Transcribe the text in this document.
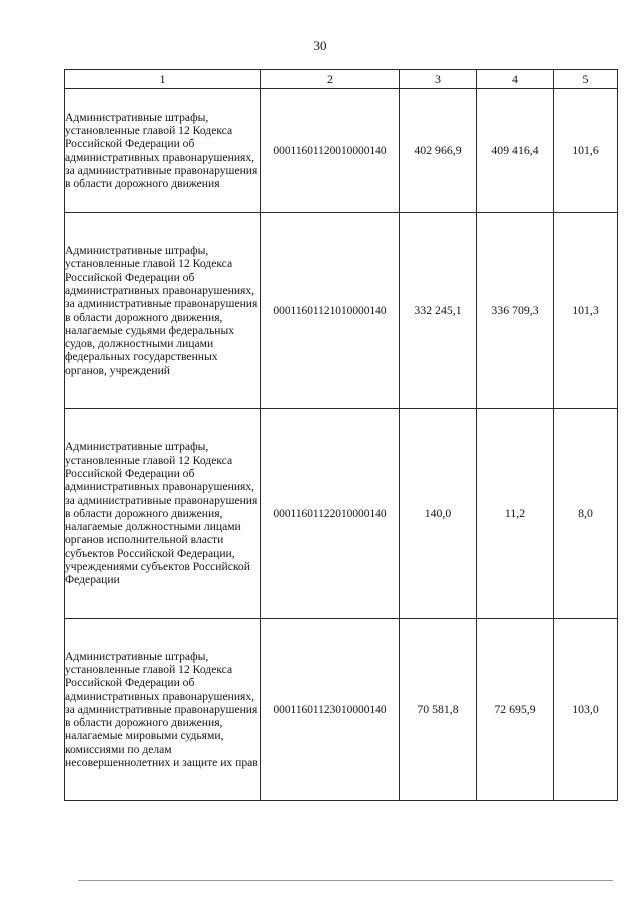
30
1	2	3	4	5
Административные штрафы, установленные главой 12 Кодекса Российской Федерации об административных правонарушениях, за административные правонарушения в области дорожного движения	00011601120010000140	402 966,9	409 416,4	101,6
Административные штрафы, установленные главой 12 Кодекса Российской Федерации об административных правонарушениях, за административные правонарушения в области дорожного движения, налагаемые судьями федеральных судов, должностными лицами федеральных государственных органов, учреждений	00011601121010000140	332 245,1	336 709,3	101,3
Административные штрафы, установленные главой 12 Кодекса Российской Федерации об административных правонарушениях, за административные правонарушения в области дорожного движения, налагаемые должностными лицами органов исполнительной власти субъектов Российской Федерации, учреждениями субъектов Российской Федерации	00011601122010000140	140,0	11,2	8,0
Административные штрафы, установленные главой 12 Кодекса Российской Федерации об административных правонарушениях, за административные правонарушения в области дорожного движения, налагаемые мировыми судьями, комиссиями по делам несовершеннолетних и защите их прав	00011601123010000140	70 581,8	72 695,9	103,0
